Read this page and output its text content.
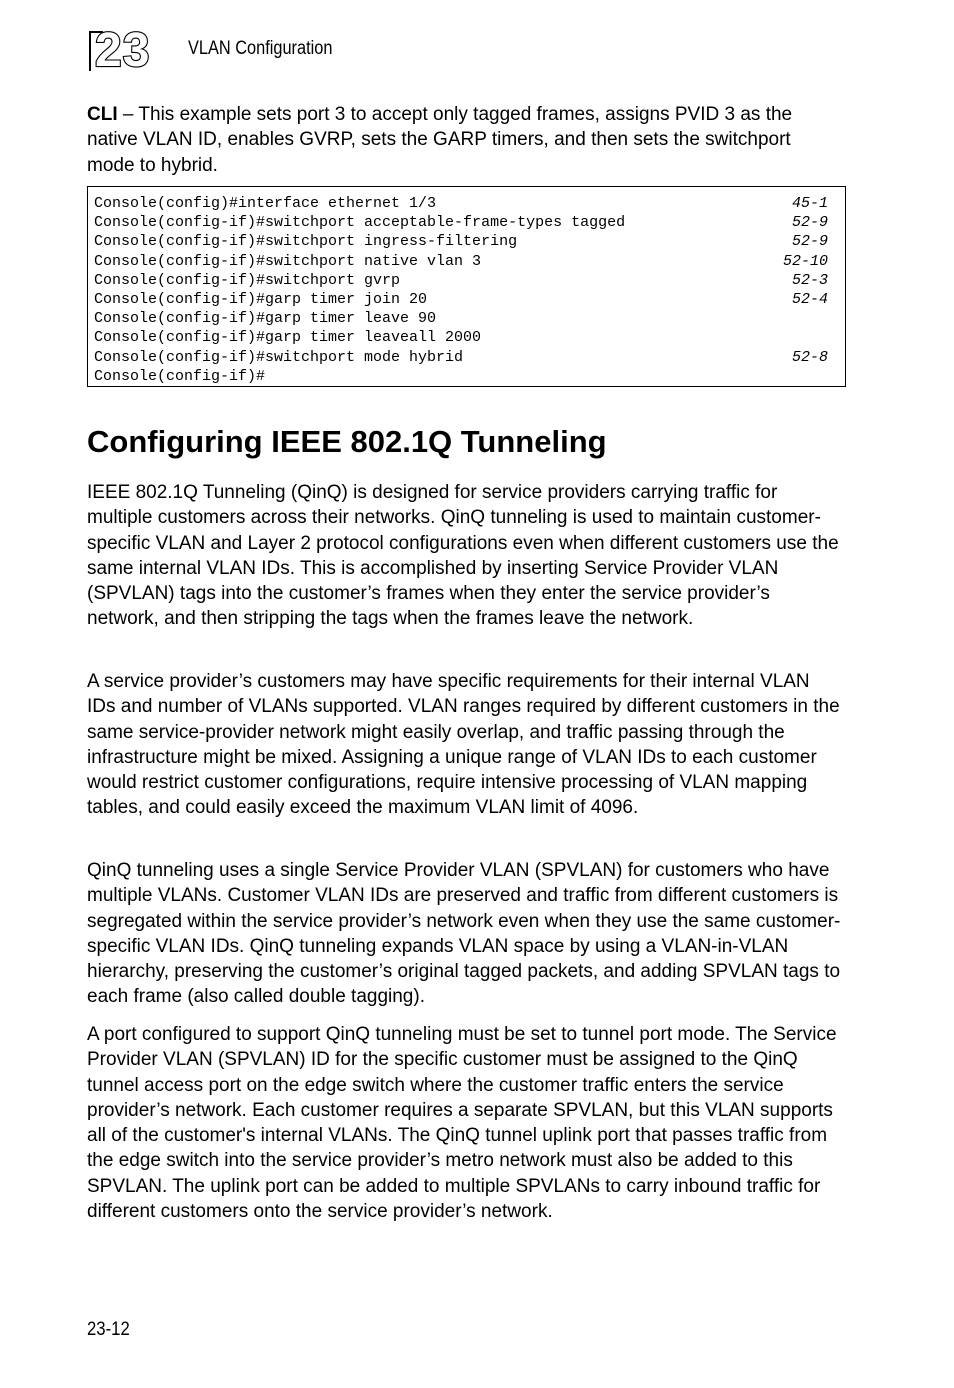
23 VLAN Configuration

CLI – This example sets port 3 to accept only tagged frames, assigns PVID 3 as the native VLAN ID, enables GVRP, sets the GARP timers, and then sets the switchport mode to hybrid.

Console(config)#interface ethernet 1/3	45-1
Console(config-if)#switchport acceptable-frame-types tagged	52-9
Console(config-if)#switchport ingress-filtering	52-9
Console(config-if)#switchport native vlan 3	52-10
Console(config-if)#switchport gvrp	52-3
Console(config-if)#garp timer join 20	52-4
Console(config-if)#garp timer leave 90
Console(config-if)#garp timer leaveall 2000
Console(config-if)#switchport mode hybrid	52-8
Console(config-if)#
Configuring IEEE 802.1Q Tunneling

IEEE 802.1Q Tunneling (QinQ) is designed for service providers carrying traffic for multiple customers across their networks. QinQ tunneling is used to maintain customer-specific VLAN and Layer 2 protocol configurations even when different customers use the same internal VLAN IDs. This is accomplished by inserting Service Provider VLAN (SPVLAN) tags into the customer’s frames when they enter the service provider’s network, and then stripping the tags when the frames leave the network.

A service provider’s customers may have specific requirements for their internal VLAN IDs and number of VLANs supported. VLAN ranges required by different customers in the same service-provider network might easily overlap, and traffic passing through the infrastructure might be mixed. Assigning a unique range of VLAN IDs to each customer would restrict customer configurations, require intensive processing of VLAN mapping tables, and could easily exceed the maximum VLAN limit of 4096.

QinQ tunneling uses a single Service Provider VLAN (SPVLAN) for customers who have multiple VLANs. Customer VLAN IDs are preserved and traffic from different customers is segregated within the service provider’s network even when they use the same customer-specific VLAN IDs. QinQ tunneling expands VLAN space by using a VLAN-in-VLAN hierarchy, preserving the customer’s original tagged packets, and adding SPVLAN tags to each frame (also called double tagging).

A port configured to support QinQ tunneling must be set to tunnel port mode. The Service Provider VLAN (SPVLAN) ID for the specific customer must be assigned to the QinQ tunnel access port on the edge switch where the customer traffic enters the service provider’s network. Each customer requires a separate SPVLAN, but this VLAN supports all of the customer's internal VLANs. The QinQ tunnel uplink port that passes traffic from the edge switch into the service provider’s metro network must also be added to this SPVLAN. The uplink port can be added to multiple SPVLANs to carry inbound traffic for different customers onto the service provider’s network.

23-12
